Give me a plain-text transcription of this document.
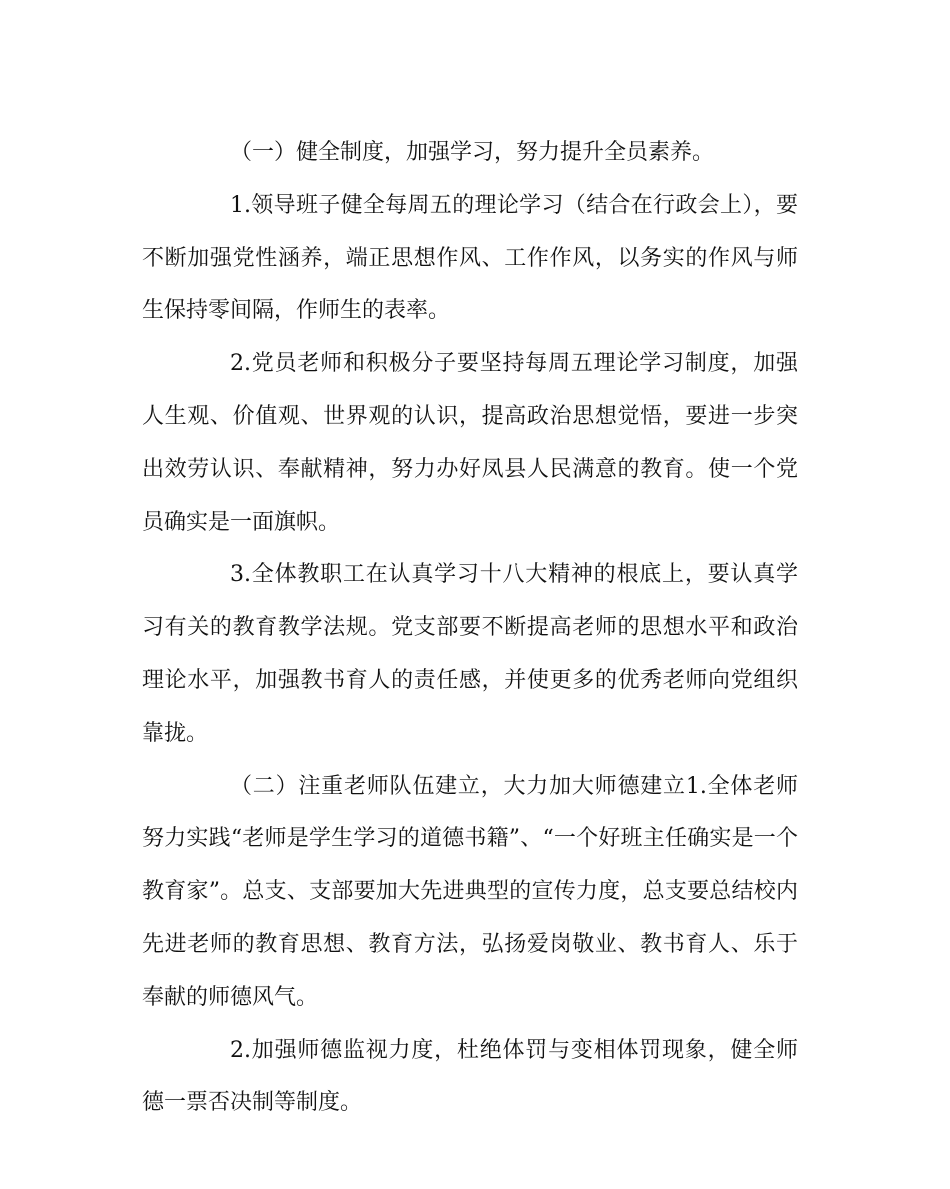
（一）健全制度，加强学习，努力提升全员素养。

1.领导班子健全每周五的理论学习（结合在行政会上），要不断加强党性涵养，端正思想作风、工作作风，以务实的作风与师生保持零间隔，作师生的表率。

2.党员老师和积极分子要坚持每周五理论学习制度，加强人生观、价值观、世界观的认识，提高政治思想觉悟，要进一步突出效劳认识、奉献精神，努力办好凤县人民满意的教育。使一个党员确实是一面旗帜。

3.全体教职工在认真学习十八大精神的根底上，要认真学习有关的教育教学法规。党支部要不断提高老师的思想水平和政治理论水平，加强教书育人的责任感，并使更多的优秀老师向党组织靠拢。

（二）注重老师队伍建立，大力加大师德建立1.全体老师努力实践“老师是学生学习的道德书籍”、“一个好班主任确实是一个教育家”。总支、支部要加大先进典型的宣传力度，总支要总结校内先进老师的教育思想、教育方法，弘扬爱岗敬业、教书育人、乐于奉献的师德风气。

2.加强师德监视力度，杜绝体罚与变相体罚现象，健全师德一票否决制等制度。
